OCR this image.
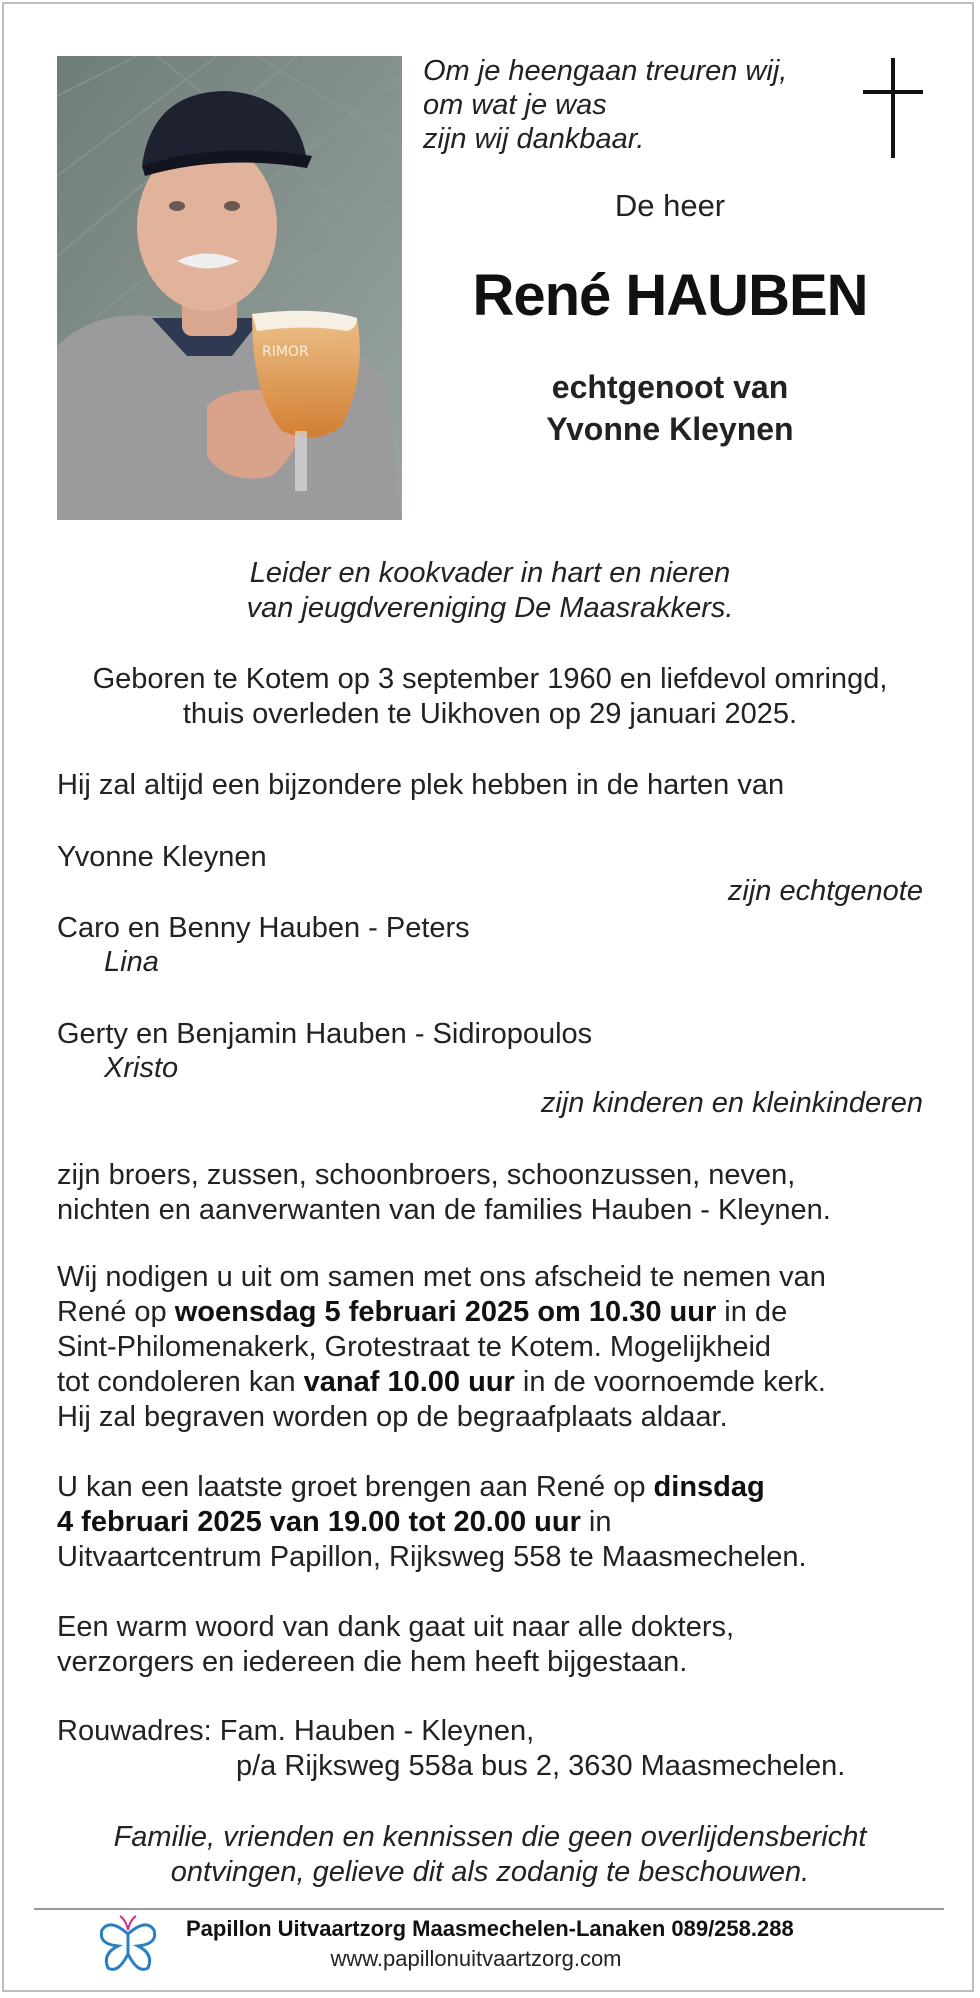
RIMOR
Om je heengaan treuren wij,
om wat je was
zijn wij dankbaar.
De heer
René HAUBEN
echtgenoot van
Yvonne Kleynen
Leider en kookvader in hart en nieren
van jeugdvereniging De Maasrakkers.
Geboren te Kotem op 3 september 1960 en liefdevol omringd,
thuis overleden te Uikhoven op 29 januari 2025.
Hij zal altijd een bijzondere plek hebben in de harten van
Yvonne Kleynen
zijn echtgenote
Caro en Benny Hauben - Peters
Lina
Gerty en Benjamin Hauben - Sidiropoulos
Xristo
zijn kinderen en kleinkinderen
zijn broers, zussen, schoonbroers, schoonzussen, neven,
nichten en aanverwanten van de families Hauben - Kleynen.
Wij nodigen u uit om samen met ons afscheid te nemen van
René op woensdag 5 februari 2025 om 10.30 uur in de
Sint-Philomenakerk, Grotestraat te Kotem. Mogelijkheid
tot condoleren kan vanaf 10.00 uur in de voornoemde kerk.
Hij zal begraven worden op de begraafplaats aldaar.
U kan een laatste groet brengen aan René op dinsdag
4 februari 2025 van 19.00 tot 20.00 uur in
Uitvaartcentrum Papillon, Rijksweg 558 te Maasmechelen.
Een warm woord van dank gaat uit naar alle dokters,
verzorgers en iedereen die hem heeft bijgestaan.
Rouwadres: Fam. Hauben - Kleynen,
p/a Rijksweg 558a bus 2, 3630 Maasmechelen.
Familie, vrienden en kennissen die geen overlijdensbericht
ontvingen, gelieve dit als zodanig te beschouwen.
Papillon Uitvaartzorg Maasmechelen-Lanaken 089/258.288
www.papillonuitvaartzorg.com
